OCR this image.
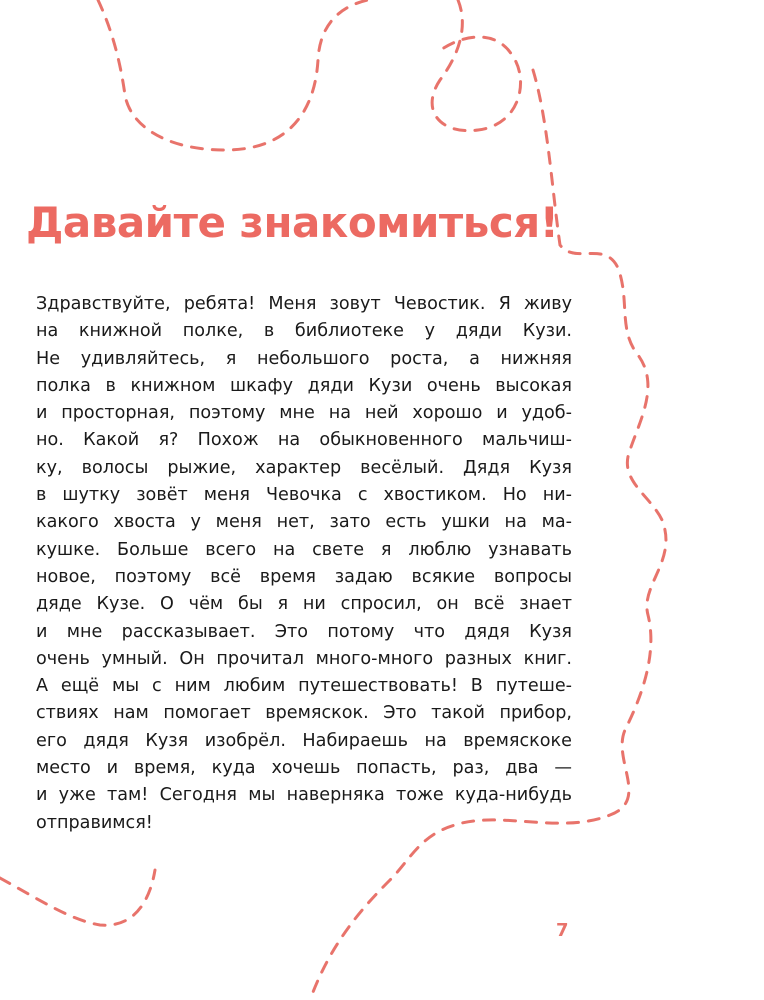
Давайте знакомиться!
Здравствуйте, ребята! Меня зовут Чевостик. Я живу
на книжной полке, в библиотеке у дяди Кузи.
Не удивляйтесь, я небольшого роста, а нижняя
полка в книжном шкафу дяди Кузи очень высокая
и просторная, поэтому мне на ней хорошо и удоб-
но. Какой я? Похож на обыкновенного мальчиш-
ку, волосы рыжие, характер весёлый. Дядя Кузя
в шутку зовёт меня Чевочка с хвостиком. Но ни-
какого хвоста у меня нет, зато есть ушки на ма-
кушке. Больше всего на свете я люблю узнавать
новое, поэтому всё время задаю всякие вопросы
дяде Кузе. О чём бы я ни спросил, он всё знает
и мне рассказывает. Это потому что дядя Кузя
очень умный. Он прочитал много-много разных книг.
А ещё мы с ним любим путешествовать! В путеше-
ствиях нам помогает времяскок. Это такой прибор,
его дядя Кузя изобрёл. Набираешь на времяскоке
место и время, куда хочешь попасть, раз, два —
и уже там! Сегодня мы наверняка тоже куда-нибудь
отправимся!
7
